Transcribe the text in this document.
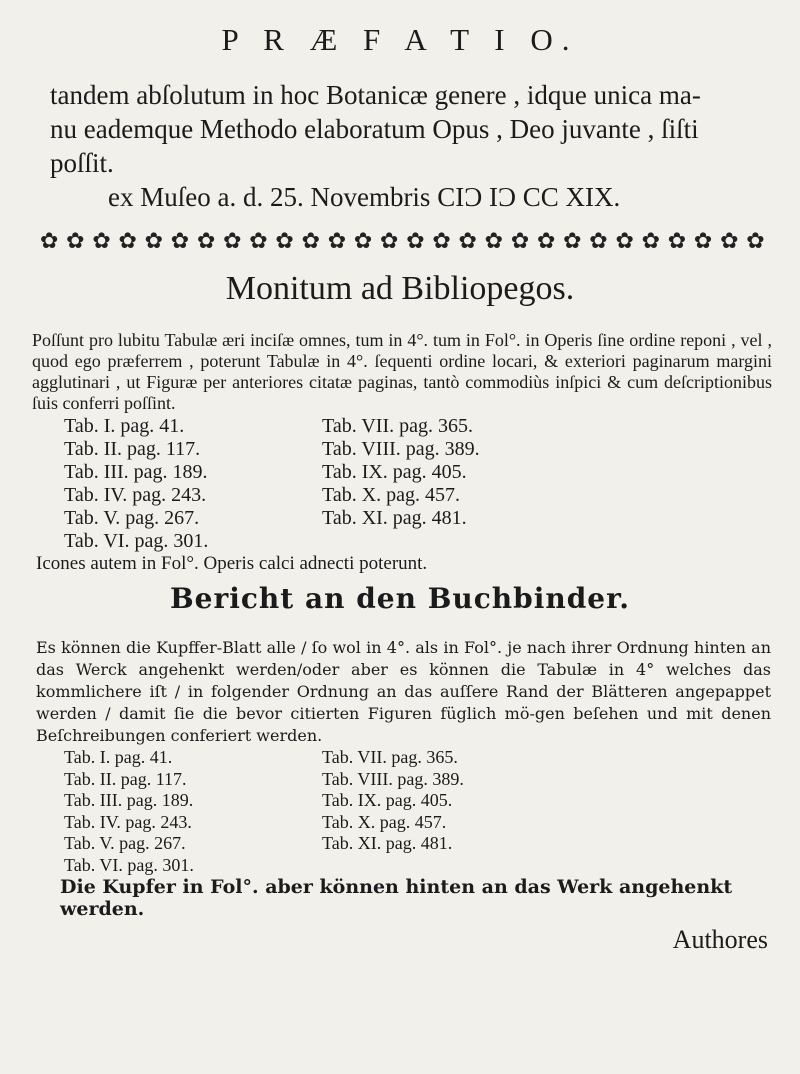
P R Æ F A T I O.
tandem abſolutum in hoc Botanicæ genere , idque unica ma-
nu eademque Methodo elaboratum Opus , Deo juvante , ſiſti
poſſit.
ex Muſeo a. d. 25. Novembris CIƆ IƆ CC XIX.
✿ ✿ ✿ ✿ ✿ ✿ ✿ ✿ ✿ ✿ ✿ ✿ ✿ ✿ ✿ ✿ ✿ ✿ ✿ ✿ ✿ ✿ ✿ ✿ ✿ ✿ ✿ ✿
Monitum ad Bibliopegos.
Poſſunt pro lubitu Tabulæ æri inciſæ omnes, tum in 4°. tum in Fol°. in Operis ſine ordine reponi , vel , quod ego præferrem , poterunt Tabulæ in 4°. ſequenti ordine locari, & exteriori paginarum margini agglutinari , ut Figuræ per anteriores citatæ paginas, tantò commodiùs inſpici & cum deſcriptionibus ſuis conferri poſſint.
Tab. I. pag. 41.	Tab. VII. pag. 365.
Tab. II. pag. 117.	Tab. VIII. pag. 389.
Tab. III. pag. 189.	Tab. IX. pag. 405.
Tab. IV. pag. 243.	Tab. X. pag. 457.
Tab. V. pag. 267.	Tab. XI. pag. 481.
Tab. VI. pag. 301.
Icones autem in Fol°. Operis calci adnecti poterunt.
Bericht an den Buchbinder.
Es können die Kupffer-Blatt alle / ſo wol in 4°. als in Fol°. je nach ihrer Ordnung hinten an das Werck angehenkt werden/oder aber es können die Tabulæ in 4° welches das kommlichere iſt / in folgender Ordnung an das auſſere Rand der Blätteren angepappet werden / damit ſie die bevor citierten Figuren füglich mö‑gen beſehen und mit denen Beſchreibungen conferiert werden.
Tab. I. pag. 41.	Tab. VII. pag. 365.
Tab. II. pag. 117.	Tab. VIII. pag. 389.
Tab. III. pag. 189.	Tab. IX. pag. 405.
Tab. IV. pag. 243.	Tab. X. pag. 457.
Tab. V. pag. 267.	Tab. XI. pag. 481.
Tab. VI. pag. 301.
Die Kupfer in Fol°. aber können hinten an das Werk angehenkt werden.
Authores
